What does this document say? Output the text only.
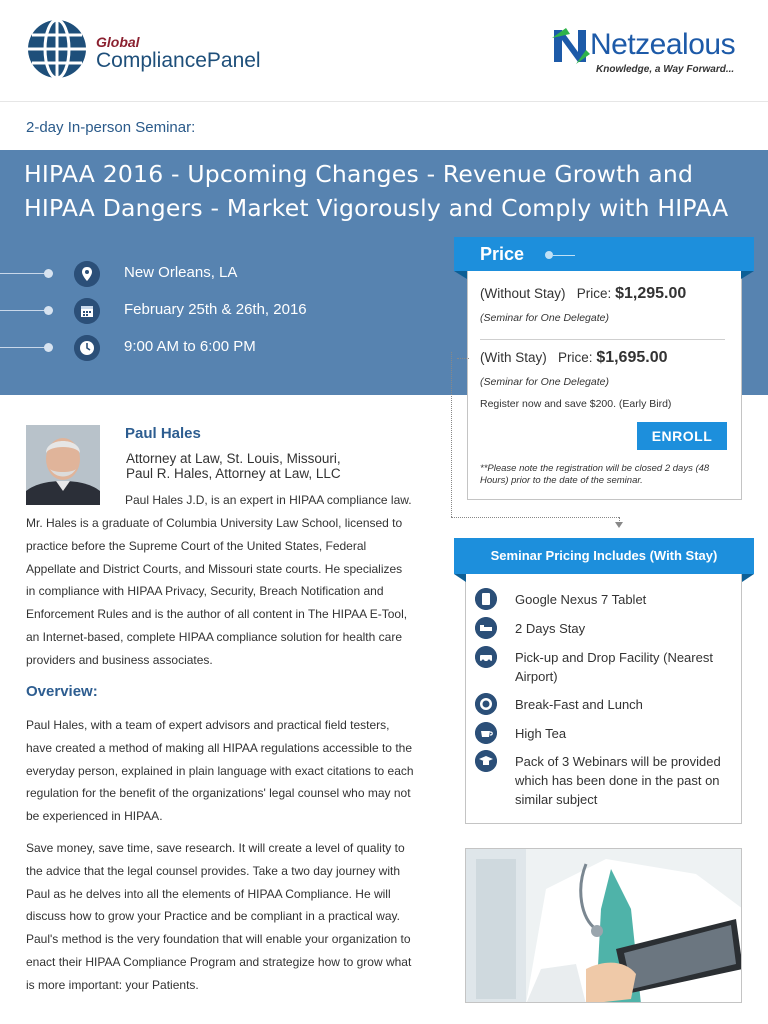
Global
CompliancePanel	Netzealous
Knowledge, a Way Forward...
2-day In-person Seminar:
HIPAA 2016 - Upcoming Changes - Revenue Growth and HIPAA Dangers - Market Vigorously and Comply with HIPAA
New Orleans, LA
February 25th & 26th, 2016
9:00 AM to 6:00 PM
Price
(Without Stay) Price: $1,295.00
(Seminar for One Delegate)
(With Stay) Price: $1,695.00
(Seminar for One Delegate)
Register now and save $200. (Early Bird)
ENROLL
**Please note the registration will be closed 2 days (48 Hours) prior to the date of the seminar.
Seminar Pricing Includes (With Stay)
Google Nexus 7 Tablet
2 Days Stay
Pick-up and Drop Facility (Nearest Airport)
Break-Fast and Lunch
High Tea
Pack of 3 Webinars will be provided which has been done in the past on similar subject
Paul Hales
Attorney at Law, St. Louis, Missouri,
Paul R. Hales, Attorney at Law, LLC
Paul Hales J.D, is an expert in HIPAA compliance law.
Mr. Hales is a graduate of Columbia University Law School, licensed to
practice before the Supreme Court of the United States, Federal
Appellate and District Courts, and Missouri state courts. He specializes
in compliance with HIPAA Privacy, Security, Breach Notification and
Enforcement Rules and is the author of all content in The HIPAA E-Tool,
an Internet-based, complete HIPAA compliance solution for health care
providers and business associates.
Overview:
Paul Hales, with a team of expert advisors and practical field testers,
have created a method of making all HIPAA regulations accessible to the
everyday person, explained in plain language with exact citations to each
regulation for the benefit of the organizations' legal counsel who may not
be experienced in HIPAA.
Save money, save time, save research. It will create a level of quality to
the advice that the legal counsel provides. Take a two day journey with
Paul as he delves into all the elements of HIPAA Compliance. He will
discuss how to grow your Practice and be compliant in a practical way.
Paul's method is the very foundation that will enable your organization to
enact their HIPAA Compliance Program and strategize how to grow what
is more important: your Patients.
